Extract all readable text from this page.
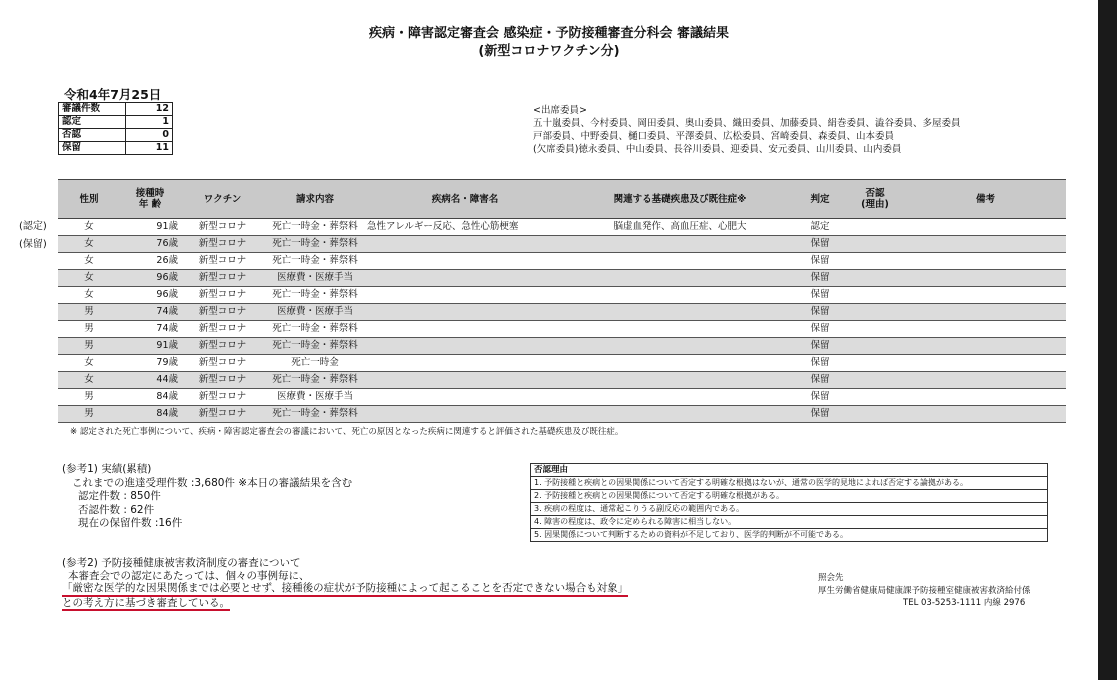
疾病・障害認定審査会 感染症・予防接種審査分科会 審議結果
(新型コロナワクチン分)
令和4年7月25日
審議件数	12
認定	1
否認	0
保留	11
<出席委員>
五十嵐委員、今村委員、岡田委員、奥山委員、織田委員、加藤委員、絹巻委員、澁谷委員、多屋委員
戸部委員、中野委員、樋口委員、平澤委員、広松委員、宮崎委員、森委員、山本委員
(欠席委員)徳永委員、中山委員、長谷川委員、迎委員、安元委員、山川委員、山内委員
(認定)
(保留)
性別	接種時
年 齢	ワクチン	請求内容	疾病名・障害名	関連する基礎疾患及び既往症※	判定	否認
(理由)	備考
女	91歳	新型コロナ	死亡一時金・葬祭料	急性アレルギー反応、急性心筋梗塞	脳虚血発作、高血圧症、心肥大	認定		
女	76歳	新型コロナ	死亡一時金・葬祭料			保留		
女	26歳	新型コロナ	死亡一時金・葬祭料			保留		
女	96歳	新型コロナ	医療費・医療手当			保留		
女	96歳	新型コロナ	死亡一時金・葬祭料			保留		
男	74歳	新型コロナ	医療費・医療手当			保留		
男	74歳	新型コロナ	死亡一時金・葬祭料			保留		
男	91歳	新型コロナ	死亡一時金・葬祭料			保留		
女	79歳	新型コロナ	死亡一時金			保留		
女	44歳	新型コロナ	死亡一時金・葬祭料			保留		
男	84歳	新型コロナ	医療費・医療手当			保留		
男	84歳	新型コロナ	死亡一時金・葬祭料			保留		
※ 認定された死亡事例について、疾病・障害認定審査会の審議において、死亡の原因となった疾病に関連すると評価された基礎疾患及び既往症。
(参考1) 実績(累積)
これまでの進達受理件数 :3,680件 ※本日の審議結果を含む
認定件数 : 850件
否認件数 : 62件
現在の保留件数 :16件
否認理由
1. 予防接種と疾病との因果関係について否定する明確な根拠はないが、通常の医学的見地によれば否定する論拠がある。
2. 予防接種と疾病との因果関係について否定する明確な根拠がある。
3. 疾病の程度は、通常起こりうる副反応の範囲内である。
4. 障害の程度は、政令に定められる障害に相当しない。
5. 因果関係について判断するための資料が不足しており、医学的判断が不可能である。
(参考2) 予防接種健康被害救済制度の審査について
本審査会での認定にあたっては、個々の事例毎に、
「厳密な医学的な因果関係までは必要とせず、接種後の症状が予防接種によって起こることを否定できない場合も対象」
との考え方に基づき審査している。
照会先
厚生労働省健康局健康課予防接種室健康被害救済給付係
TEL 03-5253-1111 内線 2976
